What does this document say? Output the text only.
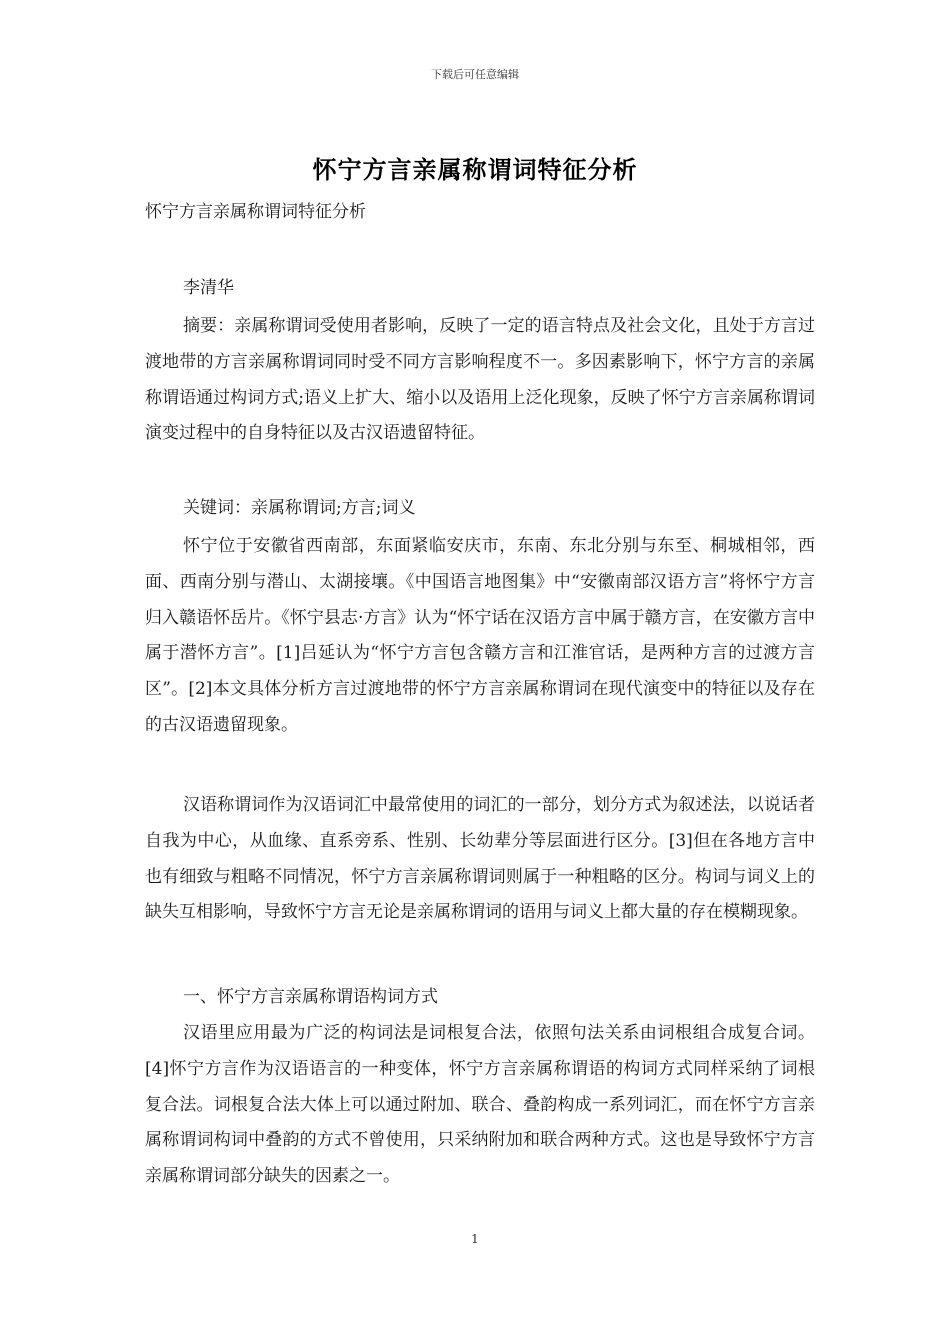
下载后可任意编辑
怀宁方言亲属称谓词特征分析
怀宁方言亲属称谓词特征分析
李清华

摘要：亲属称谓词受使用者影响，反映了一定的语言特点及社会文化，且处于方言过渡地带的方言亲属称谓词同时受不同方言影响程度不一。多因素影响下，怀宁方言的亲属称谓语通过构词方式;语义上扩大、缩小以及语用上泛化现象，反映了怀宁方言亲属称谓词演变过程中的自身特征以及古汉语遗留特征。

关键词：亲属称谓词;方言;词义

怀宁位于安徽省西南部，东面紧临安庆市，东南、东北分别与东至、桐城相邻，西面、西南分别与潜山、太湖接壤。《中国语言地图集》中“安徽南部汉语方言”将怀宁方言归入赣语怀岳片。《怀宁县志·方言》认为“怀宁话在汉语方言中属于赣方言，在安徽方言中属于潜怀方言”。[1]吕延认为“怀宁方言包含赣方言和江淮官话，是两种方言的过渡方言区”。[2]本文具体分析方言过渡地带的怀宁方言亲属称谓词在现代演变中的特征以及存在的古汉语遗留现象。

汉语称谓词作为汉语词汇中最常使用的词汇的一部分，划分方式为叙述法，以说话者自我为中心，从血缘、直系旁系、性别、长幼辈分等层面进行区分。[3]但在各地方言中也有细致与粗略不同情况，怀宁方言亲属称谓词则属于一种粗略的区分。构词与词义上的缺失互相影响，导致怀宁方言无论是亲属称谓词的语用与词义上都大量的存在模糊现象。

一、怀宁方言亲属称谓语构词方式

汉语里应用最为广泛的构词法是词根复合法，依照句法关系由词根组合成复合词。[4]怀宁方言作为汉语语言的一种变体，怀宁方言亲属称谓语的构词方式同样采纳了词根复合法。词根复合法大体上可以通过附加、联合、叠韵构成一系列词汇，而在怀宁方言亲属称谓词构词中叠韵的方式不曾使用，只采纳附加和联合两种方式。这也是导致怀宁方言亲属称谓词部分缺失的因素之一。

1
